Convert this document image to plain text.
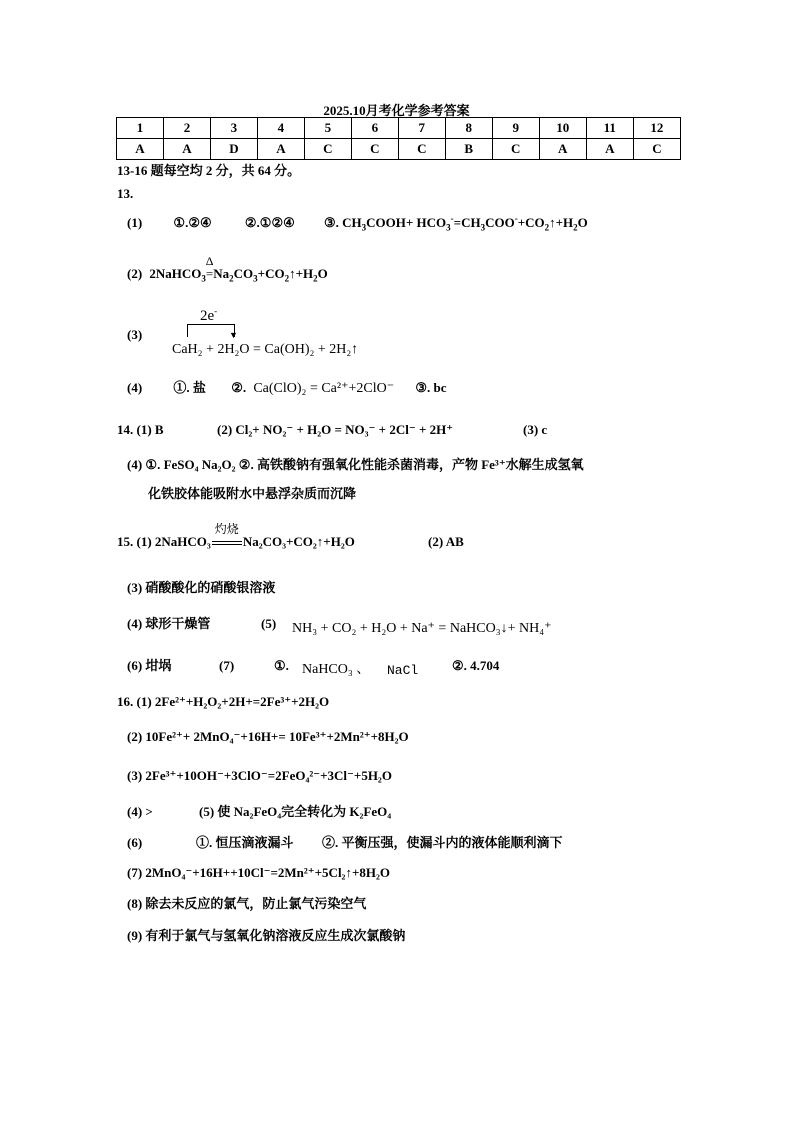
2025.10月考化学参考答案
1	2	3	4	5	6	7	8	9	10	11	12
A	A	D	A	C	C	C	B	C	A	A	C
13-16 题每空均 2 分，共 64 分。
13.
(1) ①.②④	②.①②④ ③. $CH_3COOH+$ $HCO_3^-=CH_3COO^-+CO_2↑+H_2O$
(2) 2NaHCO$_3$
Δ
$=Na_2CO_3+CO_2↑+H_2O$
(3)	▼
2e-
CaH₂ + 2H₂O = Ca(OH)₂ + 2H₂↑
(4) ①. 盐 ②. Ca(ClO)₂ = Ca²⁺+2ClO⁻ ③. bc
14. (1) B	(2) Cl₂+ NO₂⁻ + H₂O = NO₃⁻ + 2Cl⁻ + 2H⁺	(3) c
(4) ①. FeSO₄ Na₂O₂ ②. 高铁酸钠有强氧化性能杀菌消毒，产物 Fe³⁺水解生成氢氧
化铁胶体能吸附水中悬浮杂质而沉降
15. (1) 2NaHCO₃
灼烧
Na₂CO₃+CO₂↑+H₂O	(2) AB
(3) 硝酸酸化的硝酸银溶液
(4) 球形干燥管	(5) NH₃ + CO₂ + H₂O + Na⁺ = NaHCO₃↓+ NH₄⁺
(6) 坩埚	(7)	①. NaHCO₃ 、 NaCl	②. 4.704
16. (1) 2Fe²⁺+H₂O₂+2H+=2Fe³⁺+2H₂O
(2) 10Fe²⁺+ 2MnO₄⁻+16H+= 10Fe³⁺+2Mn²⁺+8H₂O
(3) 2Fe³⁺+10OH⁻+3ClO⁻=2FeO₄²⁻+3Cl⁻+5H₂O
(4) >	(5) 使 Na₂FeO₄完全转化为 K₂FeO₄
(6)	①. 恒压滴液漏斗 ②. 平衡压强，使漏斗内的液体能顺利滴下
(7) 2MnO₄⁻+16H++10Cl⁻=2Mn²⁺+5Cl₂↑+8H₂O
(8) 除去未反应的氯气，防止氯气污染空气
(9) 有利于氯气与氢氧化钠溶液反应生成次氯酸钠
